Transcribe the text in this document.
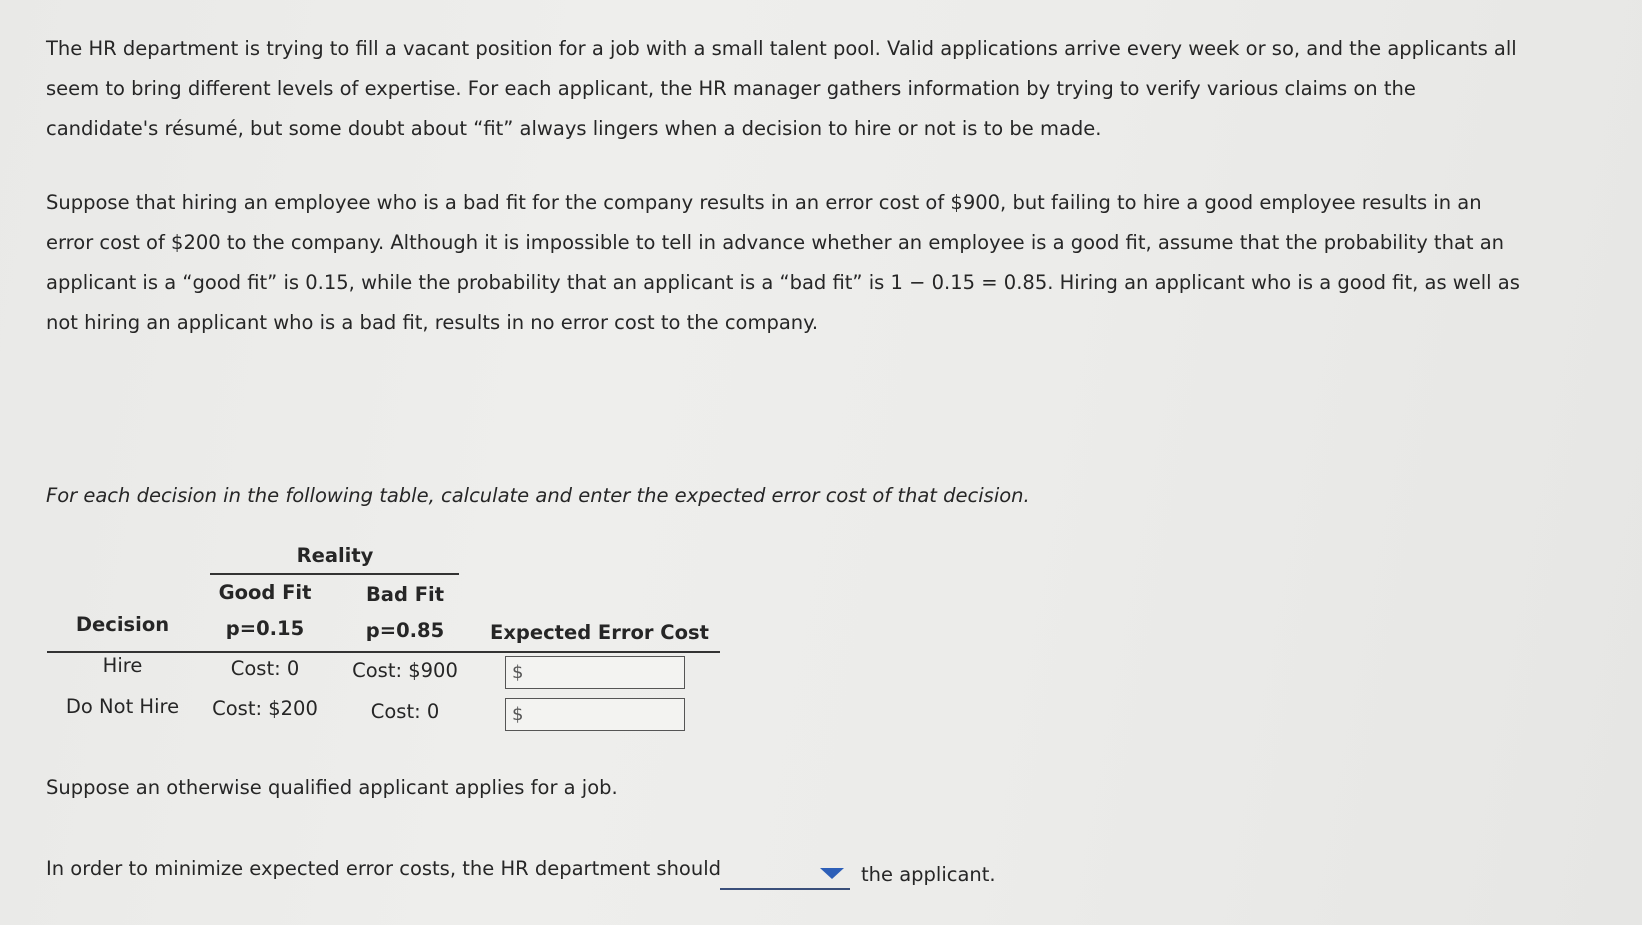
The HR department is trying to fill a vacant position for a job with a small talent pool. Valid applications arrive every week or so, and the applicants all
seem to bring different levels of expertise. For each applicant, the HR manager gathers information by trying to verify various claims on the
candidate's résumé, but some doubt about “fit” always lingers when a decision to hire or not is to be made.
Suppose that hiring an employee who is a bad fit for the company results in an error cost of $900, but failing to hire a good employee results in an
error cost of $200 to the company. Although it is impossible to tell in advance whether an employee is a good fit, assume that the probability that an
applicant is a “good fit” is 0.15, while the probability that an applicant is a “bad fit” is 1 − 0.15 = 0.85. Hiring an applicant who is a good fit, as well as
not hiring an applicant who is a bad fit, results in no error cost to the company.
For each decision in the following table, calculate and enter the expected error cost of that decision.
Reality
Good Fit	Bad Fit
Decision	p=0.15	p=0.85	Expected Error Cost
Hire	Cost: 0	Cost: $900	$
Do Not Hire	Cost: $200	Cost: 0	$
Suppose an otherwise qualified applicant applies for a job.
In order to minimize expected error costs, the HR department should	the applicant.
